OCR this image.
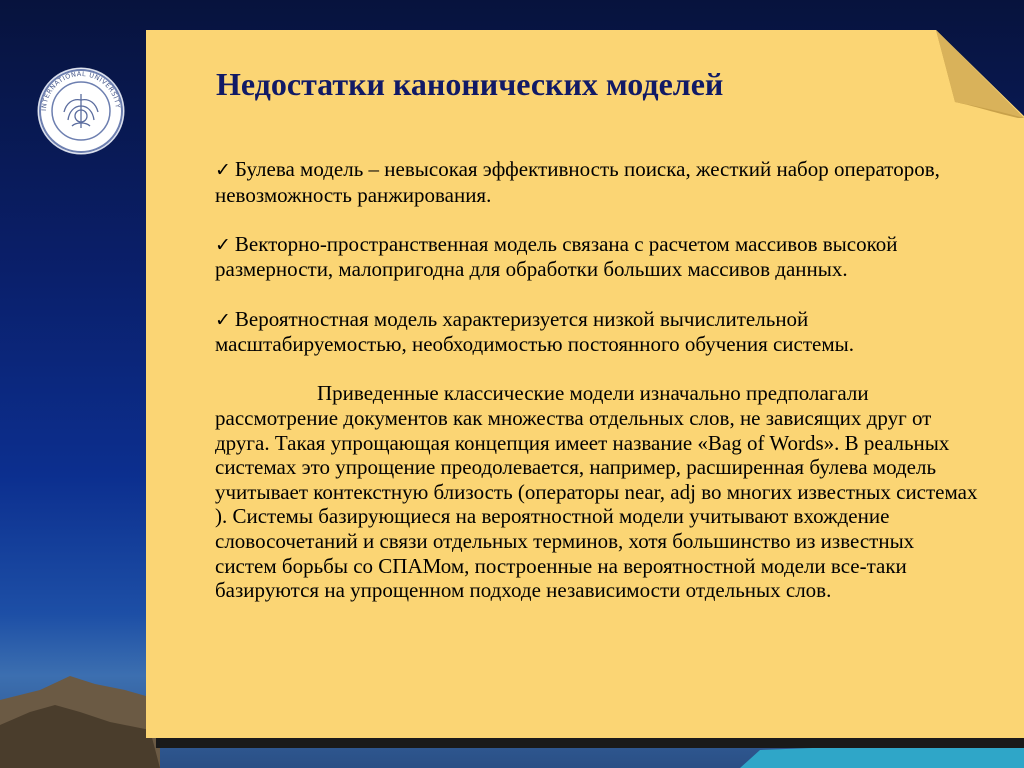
INTERNATIONAL UNIVERSITY
Недостатки канонических моделей

✓ Булева модель – невысокая эффективность поиска, жесткий набор операторов, невозможность ранжирования.

✓ Векторно-пространственная модель связана с расчетом массивов высокой размерности, малопригодна для обработки больших массивов данных.

✓ Вероятностная модель характеризуется низкой вычислительной масштабируемостью, необходимостью постоянного обучения системы.

Приведенные классические модели изначально предполагали рассмотрение документов как множества отдельных слов, не зависящих друг от друга. Такая упрощающая концепция имеет название «Bag of Words». В реальных системах это упрощение преодолевается, например, расширенная булева модель учитывает контекстную близость (операторы near, adj во многих известных системах ). Системы базирующиеся на вероятностной модели учитывают вхождение словосочетаний и связи отдельных терминов, хотя большинство из известных систем борьбы со СПАМом, построенные на вероятностной модели все-таки базируются на упрощенном подходе независимости отдельных слов.
